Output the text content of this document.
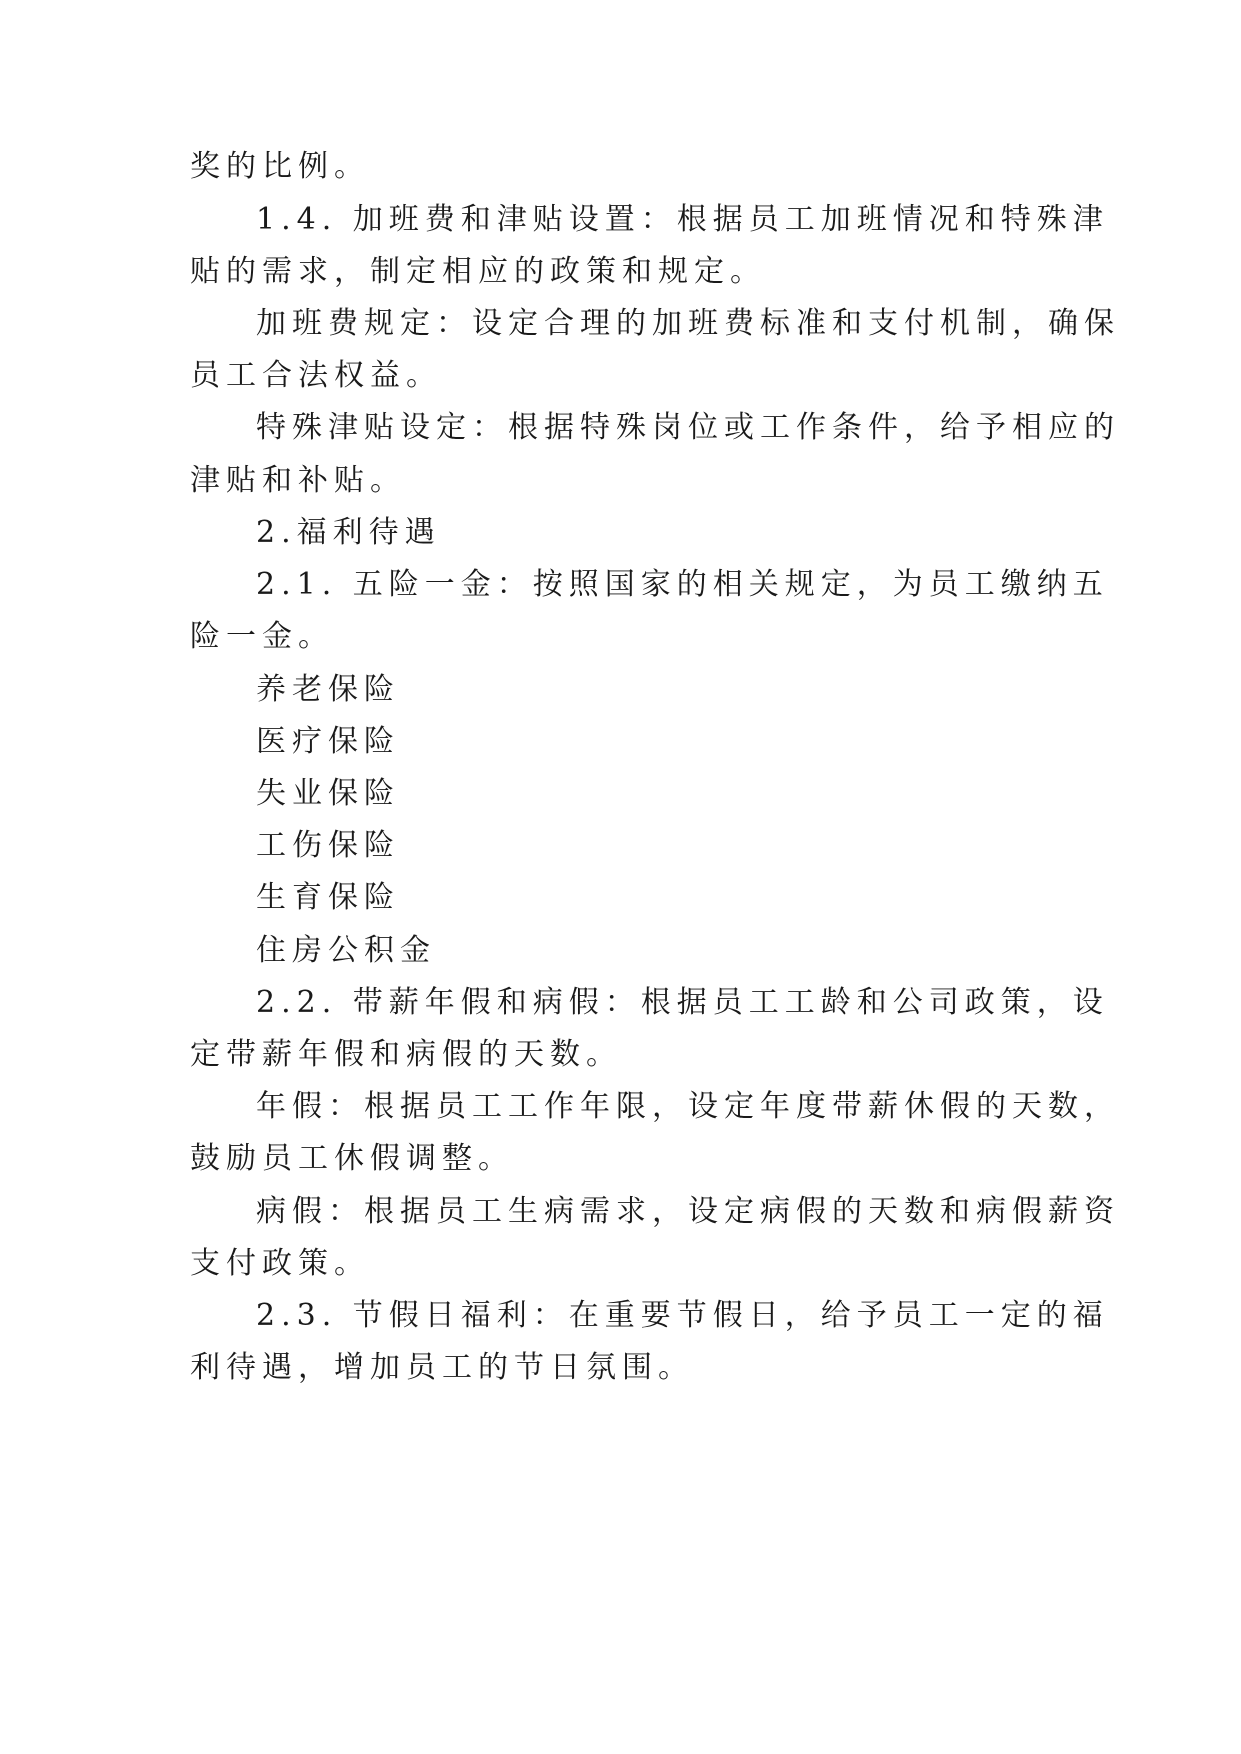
奖的比例。
1.4. 加班费和津贴设置：根据员工加班情况和特殊津
贴的需求，制定相应的政策和规定。
加班费规定：设定合理的加班费标准和支付机制，确保
员工合法权益。
特殊津贴设定：根据特殊岗位或工作条件，给予相应的
津贴和补贴。
2.福利待遇
2.1. 五险一金：按照国家的相关规定，为员工缴纳五
险一金。
养老保险
医疗保险
失业保险
工伤保险
生育保险
住房公积金
2.2. 带薪年假和病假：根据员工工龄和公司政策，设
定带薪年假和病假的天数。
年假：根据员工工作年限，设定年度带薪休假的天数，
鼓励员工休假调整。
病假：根据员工生病需求，设定病假的天数和病假薪资
支付政策。
2.3. 节假日福利：在重要节假日，给予员工一定的福
利待遇，增加员工的节日氛围。
